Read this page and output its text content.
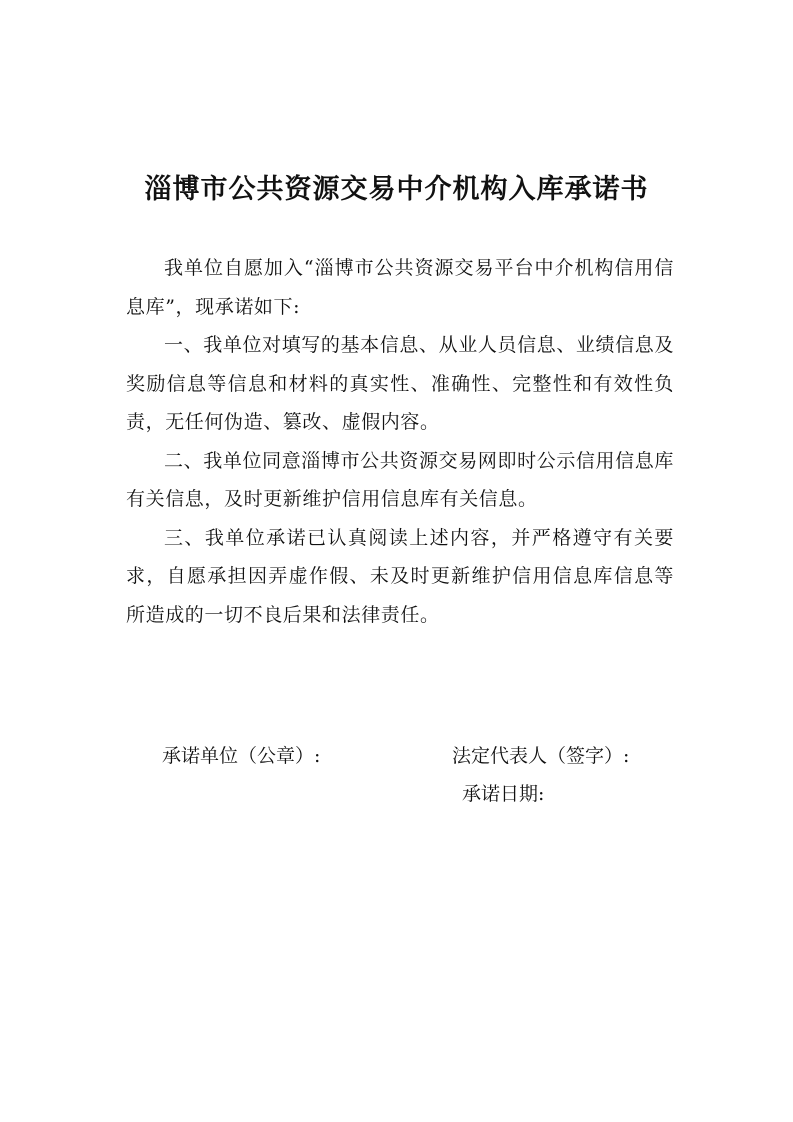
淄博市公共资源交易中介机构入库承诺书

我单位自愿加入“淄博市公共资源交易平台中介机构信用信息库”，现承诺如下:

一、我单位对填写的基本信息、从业人员信息、业绩信息及奖励信息等信息和材料的真实性、准确性、完整性和有效性负责，无任何伪造、篡改、虚假内容。

二、我单位同意淄博市公共资源交易网即时公示信用信息库有关信息，及时更新维护信用信息库有关信息。

三、我单位承诺已认真阅读上述内容，并严格遵守有关要求，自愿承担因弄虚作假、未及时更新维护信用信息库信息等所造成的一切不良后果和法律责任。

承诺单位（公章）:	法定代表人（签字）:
承诺日期:
